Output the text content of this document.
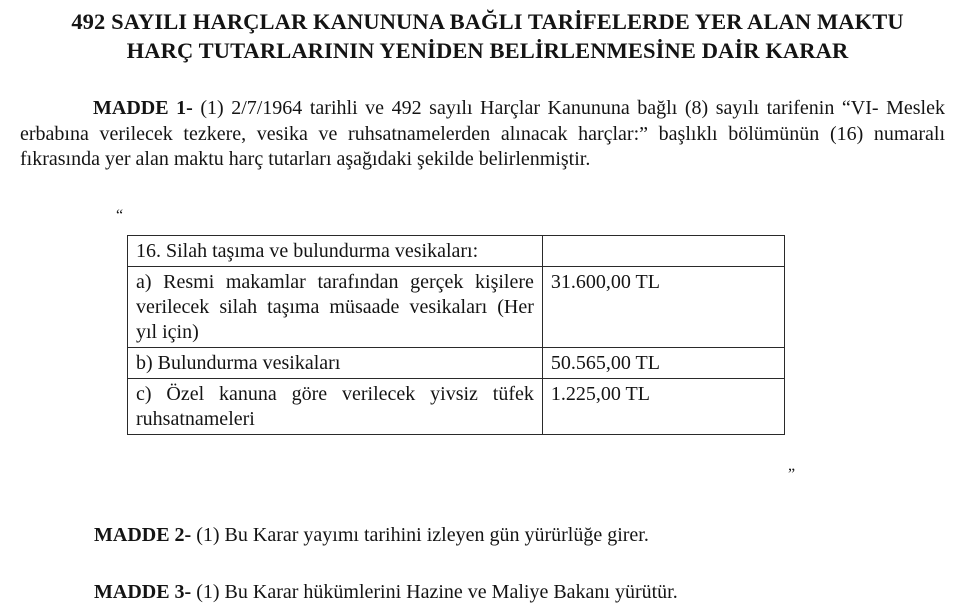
492 SAYILI HARÇLAR KANUNUNA BAĞLI TARİFELERDE YER ALAN MAKTU
HARÇ TUTARLARININ YENİDEN BELİRLENMESİNE DAİR KARAR
MADDE 1- (1) 2/7/1964 tarihli ve 492 sayılı Harçlar Kanununa bağlı (8) sayılı tarifenin “VI- Meslek erbabına verilecek tezkere, vesika ve ruhsatnamelerden alınacak harçlar:” başlıklı bölümünün (16) numaralı fıkrasında yer alan maktu harç tutarları aşağıdaki şekilde belirlenmiştir.
“
16. Silah taşıma ve bulundurma vesikaları:	
a) Resmi makamlar tarafından gerçek kişilere verilecek silah taşıma müsaade vesikaları (Her yıl için)	31.600,00 TL
b) Bulundurma vesikaları	50.565,00 TL
c) Özel kanuna göre verilecek yivsiz tüfek ruhsatnameleri	1.225,00 TL
”
MADDE 2- (1) Bu Karar yayımı tarihini izleyen gün yürürlüğe girer.
MADDE 3- (1) Bu Karar hükümlerini Hazine ve Maliye Bakanı yürütür.
